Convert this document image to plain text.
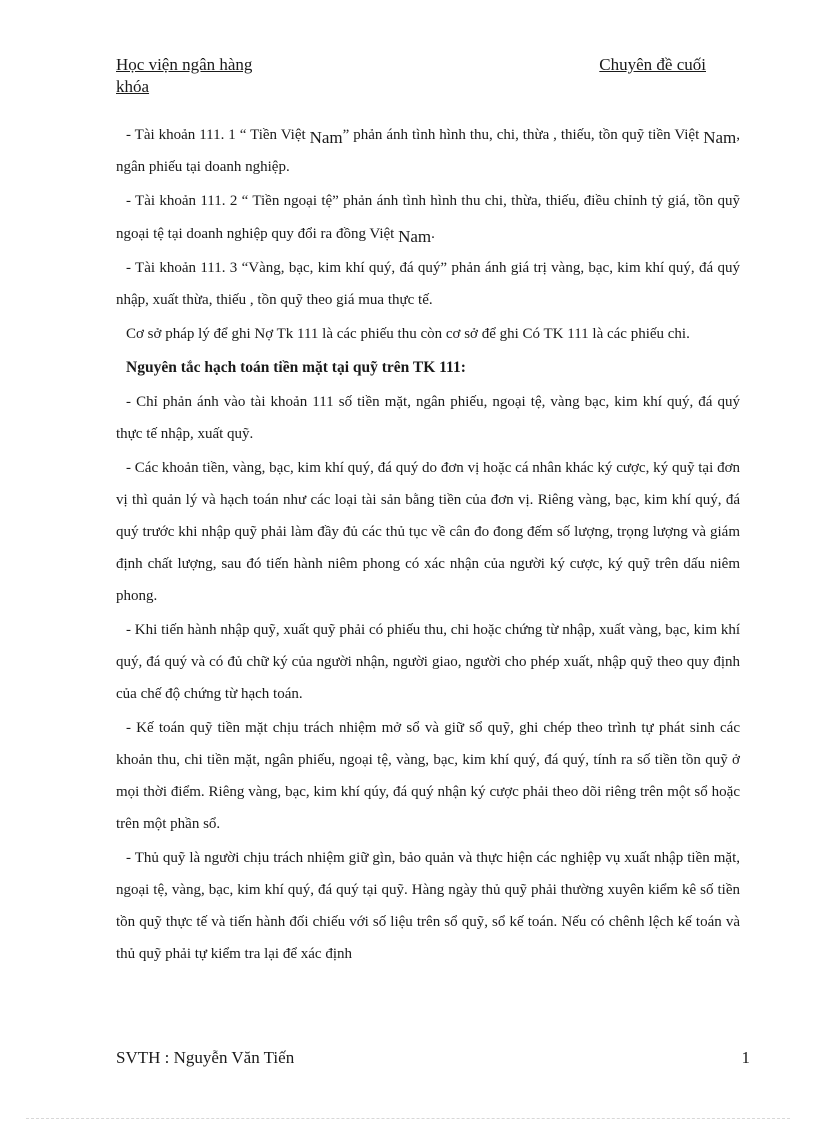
Học viện ngân hàng	Chuyên đề cuối
khóa

- Tài khoản 111. 1 “ Tiền Việt Nam” phản ánh tình hình thu, chi, thừa , thiếu, tồn quỹ tiền Việt Nam, ngân phiếu tại doanh nghiệp.

- Tài khoản 111. 2 “ Tiền ngoại tệ” phản ánh tình hình thu chi, thừa, thiếu, điều chỉnh tỷ giá, tồn quỹ ngoại tệ tại doanh nghiệp quy đổi ra đồng Việt Nam.

- Tài khoản 111. 3 “Vàng, bạc, kim khí quý, đá quý” phản ánh giá trị vàng, bạc, kim khí quý, đá quý nhập, xuất thừa, thiếu , tồn quỹ theo giá mua thực tế.

Cơ sở pháp lý để ghi Nợ Tk 111 là các phiếu thu còn cơ sở để ghi Có TK 111 là các phiếu chi.

Nguyên tắc hạch toán tiền mặt tại quỹ trên TK 111:

- Chỉ phản ánh vào tài khoản 111 số tiền mặt, ngân phiếu, ngoại tệ, vàng bạc, kim khí quý, đá quý thực tế nhập, xuất quỹ.

- Các khoản tiền, vàng, bạc, kim khí quý, đá quý do đơn vị hoặc cá nhân khác ký cược, ký quỹ tại đơn vị thì quản lý và hạch toán như các loại tài sản bằng tiền của đơn vị. Riêng vàng, bạc, kim khí quý, đá quý trước khi nhập quỹ phải làm đầy đủ các thủ tục về cân đo đong đếm số lượng, trọng lượng và giám định chất lượng, sau đó tiến hành niêm phong có xác nhận của người ký cược, ký quỹ trên dấu niêm phong.

- Khi tiến hành nhập quỹ, xuất quỹ phải có phiếu thu, chi hoặc chứng từ nhập, xuất vàng, bạc, kim khí quý, đá quý và có đủ chữ ký của người nhận, người giao, người cho phép xuất, nhập quỹ theo quy định của chế độ chứng từ hạch toán.

- Kế toán quỹ tiền mặt chịu trách nhiệm mở sổ và giữ sổ quỹ, ghi chép theo trình tự phát sinh các khoản thu, chi tiền mặt, ngân phiếu, ngoại tệ, vàng, bạc, kim khí quý, đá quý, tính ra số tiền tồn quỹ ở mọi thời điểm. Riêng vàng, bạc, kim khí qúy, đá quý nhận ký cược phải theo dõi riêng trên một sổ hoặc trên một phần sổ.

- Thủ quỹ là người chịu trách nhiệm giữ gìn, bảo quản và thực hiện các nghiệp vụ xuất nhập tiền mặt, ngoại tệ, vàng, bạc, kim khí quý, đá quý tại quỹ. Hàng ngày thủ quỹ phải thường xuyên kiểm kê số tiền tồn quỹ thực tế và tiến hành đối chiếu với số liệu trên sổ quỹ, sổ kế toán. Nếu có chênh lệch kế toán và thủ quỹ phải tự kiểm tra lại để xác định

SVTH : Nguyễn Văn Tiến	1
